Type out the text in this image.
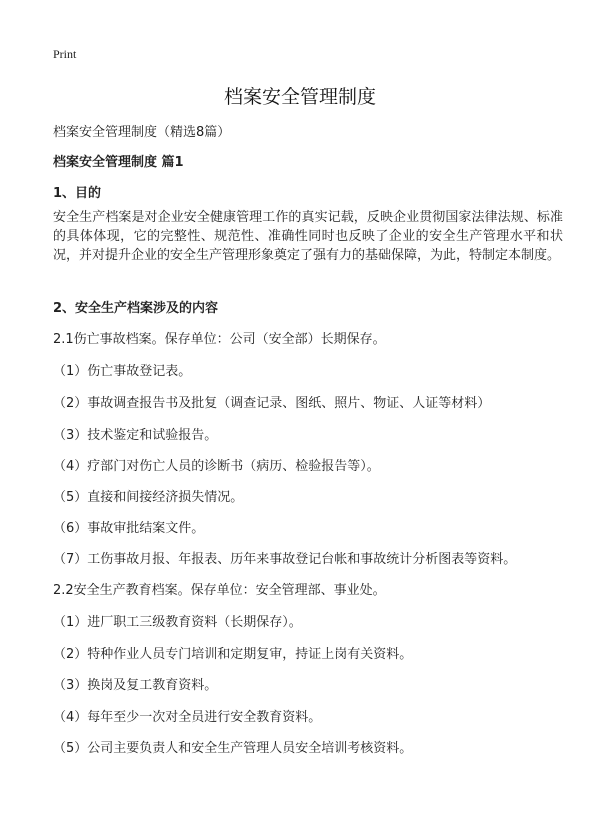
Print
档案安全管理制度

档案安全管理制度（精选8篇）

档案安全管理制度 篇1

1、目的

安全生产档案是对企业安全健康管理工作的真实记载，反映企业贯彻国家法律法规、标准的具体体现，它的完整性、规范性、准确性同时也反映了企业的安全生产管理水平和状况，并对提升企业的安全生产管理形象奠定了强有力的基础保障，为此，特制定本制度。

2、安全生产档案涉及的内容

2.1伤亡事故档案。保存单位：公司（安全部）长期保存。

（1）伤亡事故登记表。

（2）事故调查报告书及批复（调查记录、图纸、照片、物证、人证等材料）

（3）技术鉴定和试验报告。

（4）疗部门对伤亡人员的诊断书（病历、检验报告等）。

（5）直接和间接经济损失情况。

（6）事故审批结案文件。

（7）工伤事故月报、年报表、历年来事故登记台帐和事故统计分析图表等资料。

2.2安全生产教育档案。保存单位：安全管理部、事业处。

（1）进厂职工三级教育资料（长期保存）。

（2）特种作业人员专门培训和定期复审，持证上岗有关资料。

（3）换岗及复工教育资料。

（4）每年至少一次对全员进行安全教育资料。

（5）公司主要负责人和安全生产管理人员安全培训考核资料。
